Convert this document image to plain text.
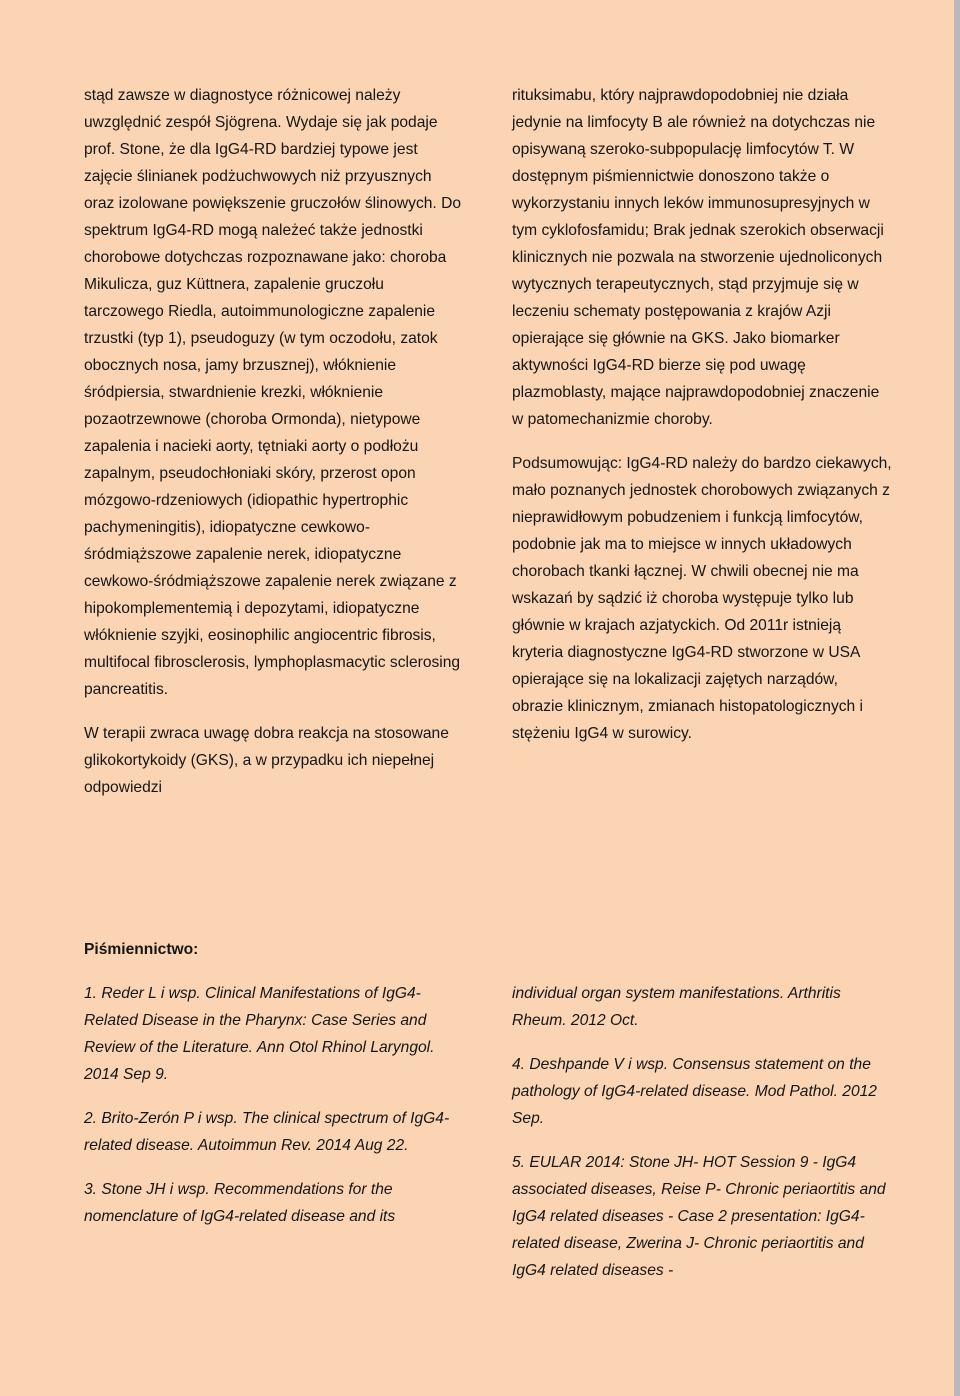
stąd zawsze w diagnostyce różnicowej należy uwzględnić zespół Sjögrena. Wydaje się jak podaje prof. Stone, że dla IgG4-RD bardziej typowe jest zajęcie ślinianek podżuchwowych niż przyusznych oraz izolowane powiększenie gruczołów ślinowych. Do spektrum IgG4-RD mogą należeć także jednostki chorobowe dotychczas rozpoznawane jako: choroba Mikulicza, guz Küttnera, zapalenie gruczołu tarczowego Riedla, autoimmunologiczne zapalenie trzustki (typ 1), pseudoguzy (w tym oczodołu, zatok obocznych nosa, jamy brzusznej), włóknienie śródpiersia, stwardnienie krezki, włóknienie pozaotrzewnowe (choroba Ormonda), nietypowe zapalenia i nacieki aorty, tętniaki aorty o podłożu zapalnym, pseudochłoniaki skóry, przerost opon mózgowo-rdzeniowych (idiopathic hypertrophic pachymeningitis), idiopatyczne cewkowo-śródmiąższowe zapalenie nerek, idiopatyczne cewkowo-śródmiąższowe zapalenie nerek związane z hipokomplementemią i depozytami, idiopatyczne włóknienie szyjki, eosinophilic angiocentric fibrosis, multifocal fibrosclerosis, lymphoplasmacytic sclerosing pancreatitis.

W terapii zwraca uwagę dobra reakcja na stosowane glikokortykoidy (GKS), a w przypadku ich niepełnej odpowiedzi

rituksimabu, który najprawdopodobniej nie działa jedynie na limfocyty B ale również na dotychczas nie opisywaną szeroko-subpopulację limfocytów T. W dostępnym piśmiennictwie donoszono także o wykorzystaniu innych leków immunosupresyjnych w tym cyklofosfamidu; Brak jednak szerokich obserwacji klinicznych nie pozwala na stworzenie ujednoliconych wytycznych terapeutycznych, stąd przyjmuje się w leczeniu schematy postępowania z krajów Azji opierające się głównie na GKS. Jako biomarker aktywności IgG4-RD bierze się pod uwagę plazmoblasty, mające najprawdopodobniej znaczenie w patomechanizmie choroby.

Podsumowując: IgG4-RD należy do bardzo ciekawych, mało poznanych jednostek chorobowych związanych z nieprawidłowym pobudzeniem i funkcją limfocytów, podobnie jak ma to miejsce w innych układowych chorobach tkanki łącznej. W chwili obecnej nie ma wskazań by sądzić iż choroba występuje tylko lub głównie w krajach azjatyckich. Od 2011r istnieją kryteria diagnostyczne IgG4-RD stworzone w USA opierające się na lokalizacji zajętych narządów, obrazie klinicznym, zmianach histopatologicznych i stężeniu IgG4 w surowicy.

Piśmiennictwo:

1. Reder L i wsp. Clinical Manifestations of IgG4-Related Disease in the Pharynx: Case Series and Review of the Literature. Ann Otol Rhinol Laryngol. 2014 Sep 9.

2. Brito-Zerón P i wsp. The clinical spectrum of IgG4-related disease. Autoimmun Rev. 2014 Aug 22.

3. Stone JH i wsp. Recommendations for the nomenclature of IgG4-related disease and its

individual organ system manifestations. Arthritis Rheum. 2012 Oct.

4. Deshpande V i wsp. Consensus statement on the pathology of IgG4-related disease. Mod Pathol. 2012 Sep.

5. EULAR 2014: Stone JH- HOT Session 9 - IgG4 associated diseases, Reise P- Chronic periaortitis and IgG4 related diseases - Case 2 presentation: IgG4-related disease, Zwerina J- Chronic periaortitis and IgG4 related diseases -
